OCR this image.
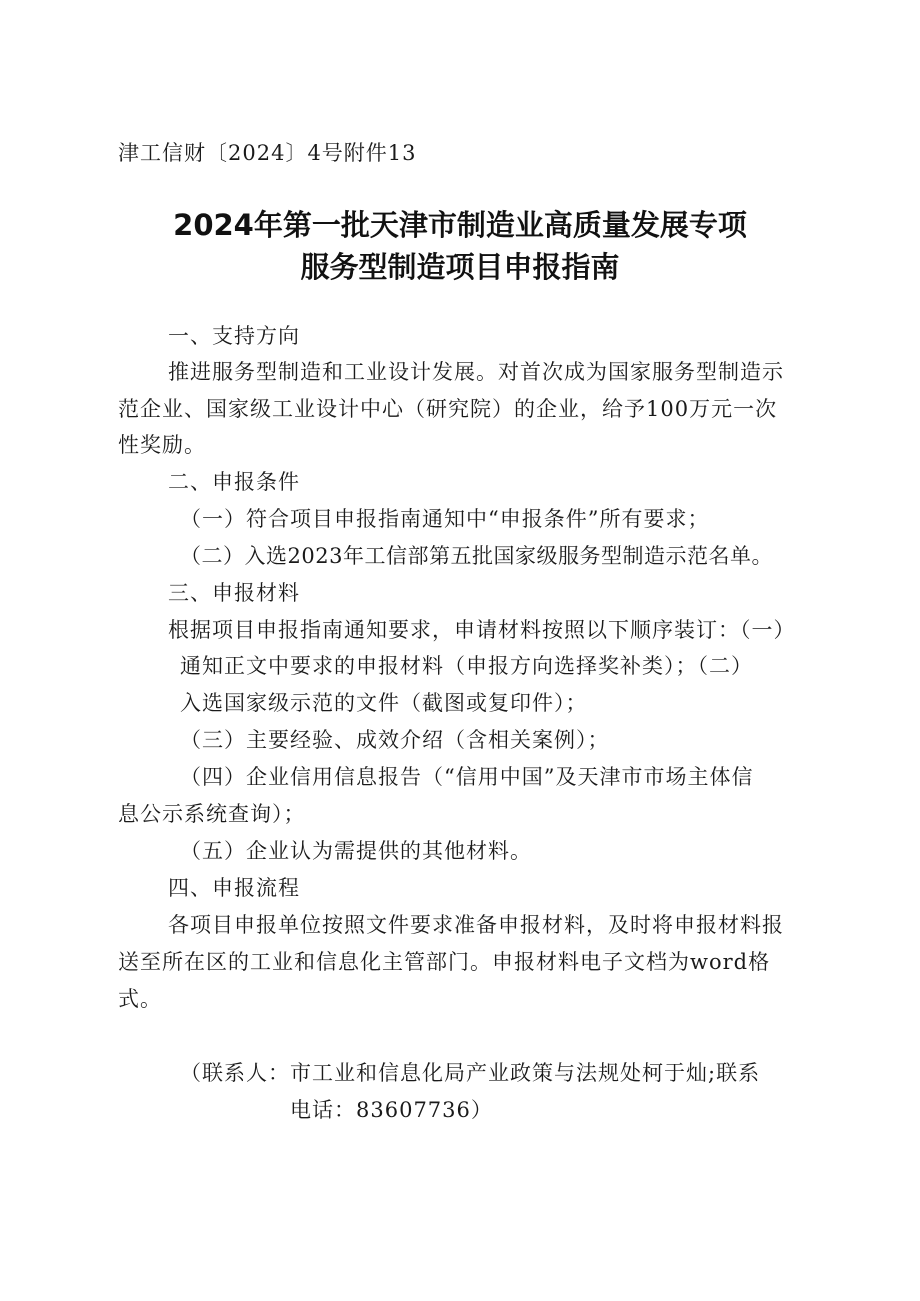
津工信财〔2024〕4号附件13
2024年第一批天津市制造业高质量发展专项
服务型制造项目申报指南
一、支持方向
推进服务型制造和工业设计发展。对首次成为国家服务型制造示
范企业、国家级工业设计中心（研究院）的企业，给予100万元一次
性奖励。
二、申报条件
（一）符合项目申报指南通知中“申报条件”所有要求；
（二）入选2023年工信部第五批国家级服务型制造示范名单。
三、申报材料
根据项目申报指南通知要求，申请材料按照以下顺序装订：（一）
通知正文中要求的申报材料（申报方向选择奖补类）；（二）
入选国家级示范的文件（截图或复印件）；
（三）主要经验、成效介绍（含相关案例）；
（四）企业信用信息报告（“信用中国”及天津市市场主体信
息公示系统查询）；
（五）企业认为需提供的其他材料。
四、申报流程
各项目申报单位按照文件要求准备申报材料，及时将申报材料报
送至所在区的工业和信息化主管部门。申报材料电子文档为word格
式。
（联系人：市工业和信息化局产业政策与法规处柯于灿;联系
电话：83607736）
